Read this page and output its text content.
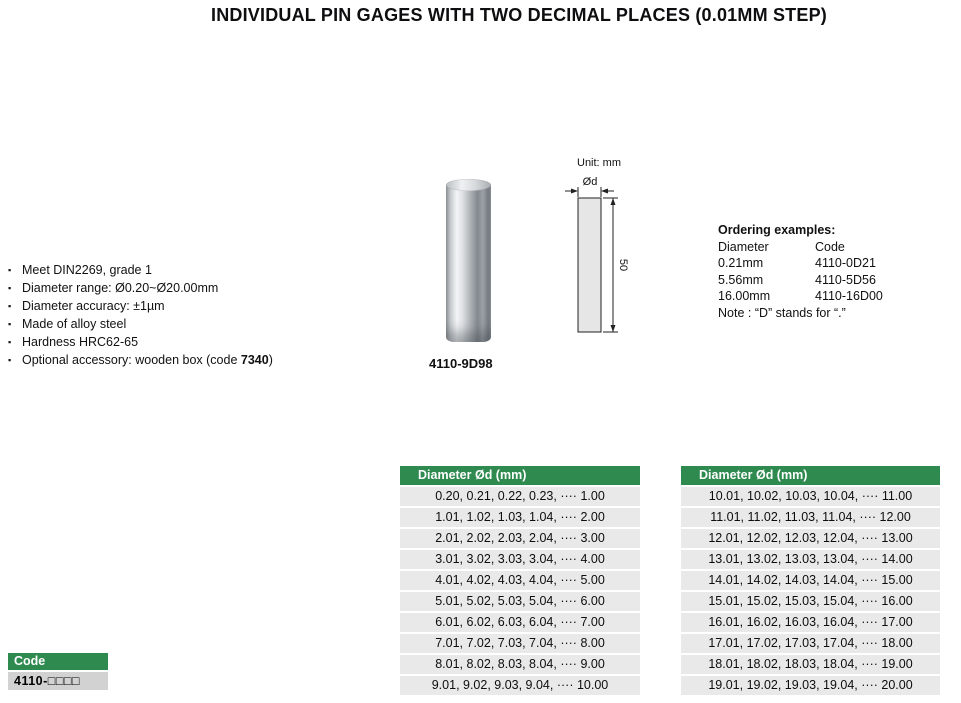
INDIVIDUAL PIN GAGES WITH TWO DECIMAL PLACES (0.01MM STEP)
▪Meet DIN2269, grade 1
▪Diameter range: Ø0.20~Ø20.00mm
▪Diameter accuracy: ±1µm
▪Made of alloy steel
▪Hardness HRC62-65
▪Optional accessory: wooden box (code 7340)	4110-9D98
Unit: mm
Ød
50
Ordering examples:
Diameter	Code
0.21mm	4110-0D21
5.56mm	4110-5D56
16.00mm	4110-16D00
Note : “D” stands for “.”
Diameter Ød (mm)
0.20, 0.21, 0.22, 0.23, ···· 1.00
1.01, 1.02, 1.03, 1.04, ···· 2.00
2.01, 2.02, 2.03, 2.04, ···· 3.00
3.01, 3.02, 3.03, 3.04, ···· 4.00
4.01, 4.02, 4.03, 4.04, ···· 5.00
5.01, 5.02, 5.03, 5.04, ···· 6.00
6.01, 6.02, 6.03, 6.04, ···· 7.00
7.01, 7.02, 7.03, 7.04, ···· 8.00
8.01, 8.02, 8.03, 8.04, ···· 9.00
9.01, 9.02, 9.03, 9.04, ···· 10.00
Diameter Ød (mm)
10.01, 10.02, 10.03, 10.04, ···· 11.00
11.01, 11.02, 11.03, 11.04, ···· 12.00
12.01, 12.02, 12.03, 12.04, ···· 13.00
13.01, 13.02, 13.03, 13.04, ···· 14.00
14.01, 14.02, 14.03, 14.04, ···· 15.00
15.01, 15.02, 15.03, 15.04, ···· 16.00
16.01, 16.02, 16.03, 16.04, ···· 17.00
17.01, 17.02, 17.03, 17.04, ···· 18.00
18.01, 18.02, 18.03, 18.04, ···· 19.00
19.01, 19.02, 19.03, 19.04, ···· 20.00
Code
4110-□□□□
